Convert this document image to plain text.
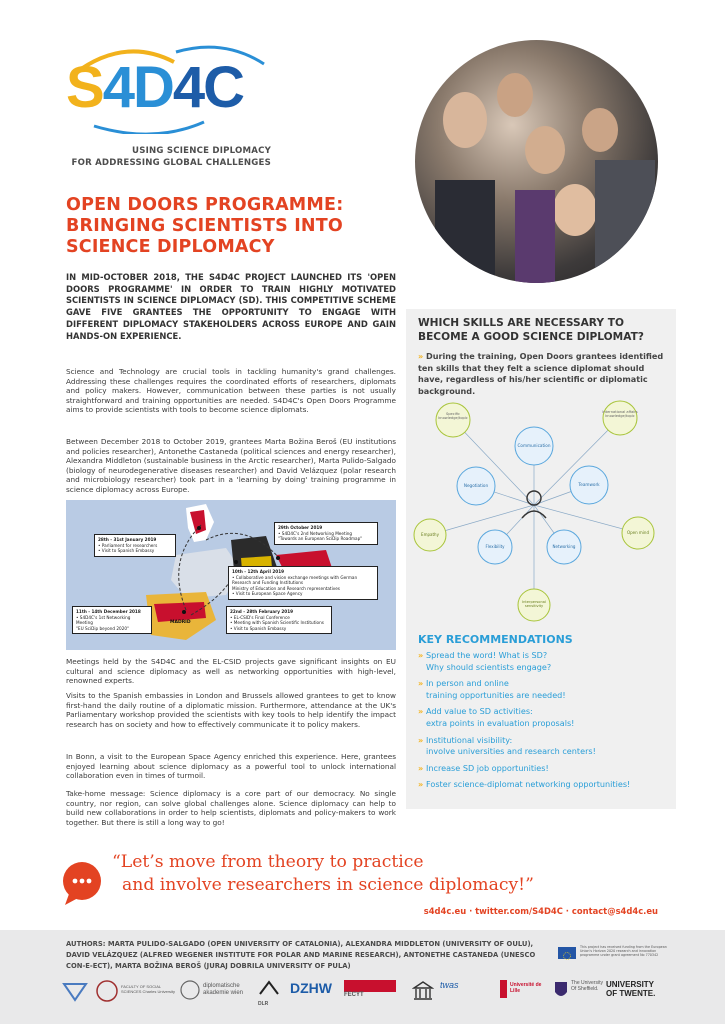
S4D4C
USING SCIENCE DIPLOMACY
FOR ADDRESSING GLOBAL CHALLENGES
OPEN DOORS PROGRAMME:
BRINGING SCIENTISTS INTO
SCIENCE DIPLOMACY
IN MID-OCTOBER 2018, THE S4D4C PROJECT LAUNCHED ITS 'OPEN DOORS PROGRAMME' IN ORDER TO TRAIN HIGHLY MOTIVATED SCIENTISTS IN SCIENCE DIPLOMACY (SD). THIS COMPETITIVE SCHEME GAVE FIVE GRANTEES THE OPPORTUNITY TO ENGAGE WITH DIFFERENT DIPLOMACY STAKEHOLDERS ACROSS EUROPE AND GAIN HANDS-ON EXPERIENCE.
Science and Technology are crucial tools in tackling humanity's grand challenges. Addressing these challenges requires the coordinated efforts of researchers, diplomats and policy makers. However, communication between these parties is not usually straightforward and training opportunities are needed. S4D4C's Open Doors Programme aims to provide scientists with tools to become science diplomats.
Between December 2018 to October 2019, grantees Marta Božina Beroš (EU institutions and policies researcher), Antonethe Castaneda (political sciences and energy researcher), Alexandra Middleton (sustainable business in the Arctic researcher), Marta Pulido-Salgado (biology of neurodegenerative diseases researcher) and David Velázquez (polar research and microbiology researcher) took part in a 'learning by doing' training programme in science diplomacy across Europe.
28th - 31st January 2019
• Parliament for researchers
• Visit to Spanish Embassy
29th October 2019
• S4D4C's 2nd Networking Meeting
"Towards an European SciDip Roadmap"
10th - 12th April 2019
• Collaborative and vision exchange meetings with German Research and Funding Institutions
Ministry of Education and Research representatives
• Visit to European Space Agency
11th - 14th December 2018
• S4D4C's 1st Networking Meeting
"EU SciDip beyond 2020"
22nd - 28th February 2019
• EL-CSID's Final Conference
• Meeting with Spanish Scientific Institutions
• Visit to Spanish Embassy
MADRID
Meetings held by the S4D4C and the EL-CSID projects gave significant insights on EU cultural and science diplomacy as well as networking opportunities with high-level, renowned experts.
Visits to the Spanish embassies in London and Brussels allowed grantees to get to know first-hand the daily routine of a diplomatic mission. Furthermore, attendance at the UK's Parliamentary workshop provided the scientists with key tools to help identify the impact research has on society and how to effectively communicate it to policy makers.
In Bonn, a visit to the European Space Agency enriched this experience. Here, grantees enjoyed learning about science diplomacy as a powerful tool to unlock international collaboration even in times of turmoil.
Take-home message: Science diplomacy is a core part of our democracy. No single country, nor region, can solve global challenges alone. Science diplomacy can help to build new collaborations in order to help scientists, diplomats and policy-makers to work together. But there is still a long way to go!
WHICH SKILLS ARE NECESSARY TO
BECOME A GOOD SCIENCE DIPLOMAT?
» During the training, Open Doors grantees identified ten skills that they felt a science diplomat should have, regardless of his/her scientific or diplomatic background.
Specific knowledge/topic
International affairs knowledge/topic
Communication
Negotiation	Teamwork
Empathy	Open mind
Flexibility	Networking
Interpersonal sensitivity
KEY RECOMMENDATIONS
» Spread the word! What is SD?
Why should scientists engage?
» In person and online
training opportunities are needed!
» Add value to SD activities:
extra points in evaluation proposals!
» Institutional visibility:
involve universities and research centers!
» Increase SD job opportunities!
» Foster science-diplomat networking opportunities!
“Let’s move from theory to practice
and involve researchers in science diplomacy!”
s4d4c.eu · twitter.com/S4D4C · contact@s4d4c.eu
AUTHORS: MARTA PULIDO-SALGADO (OPEN UNIVERSITY OF CATALONIA), ALEXANDRA MIDDLETON (UNIVERSITY OF OULU), DAVID VELÁZQUEZ (ALFRED WEGENER INSTITUTE FOR POLAR AND MARINE RESEARCH), ANTONETHE CASTANEDA (UNESCO CON-E-ECT), MARTA BOŽINA BEROŠ (JURAJ DOBRILA UNIVERSITY OF PULA)
This project has received funding from the European Union's Horizon 2020 research and innovation programme under grant agreement No 770342
FACULTY OF SOCIAL SCIENCES Charles University
diplomatische akademie wien
DLR
DZHW FECYT
twas	Université de Lille
The University Of Sheffield. UNIVERSITY OF TWENTE.
